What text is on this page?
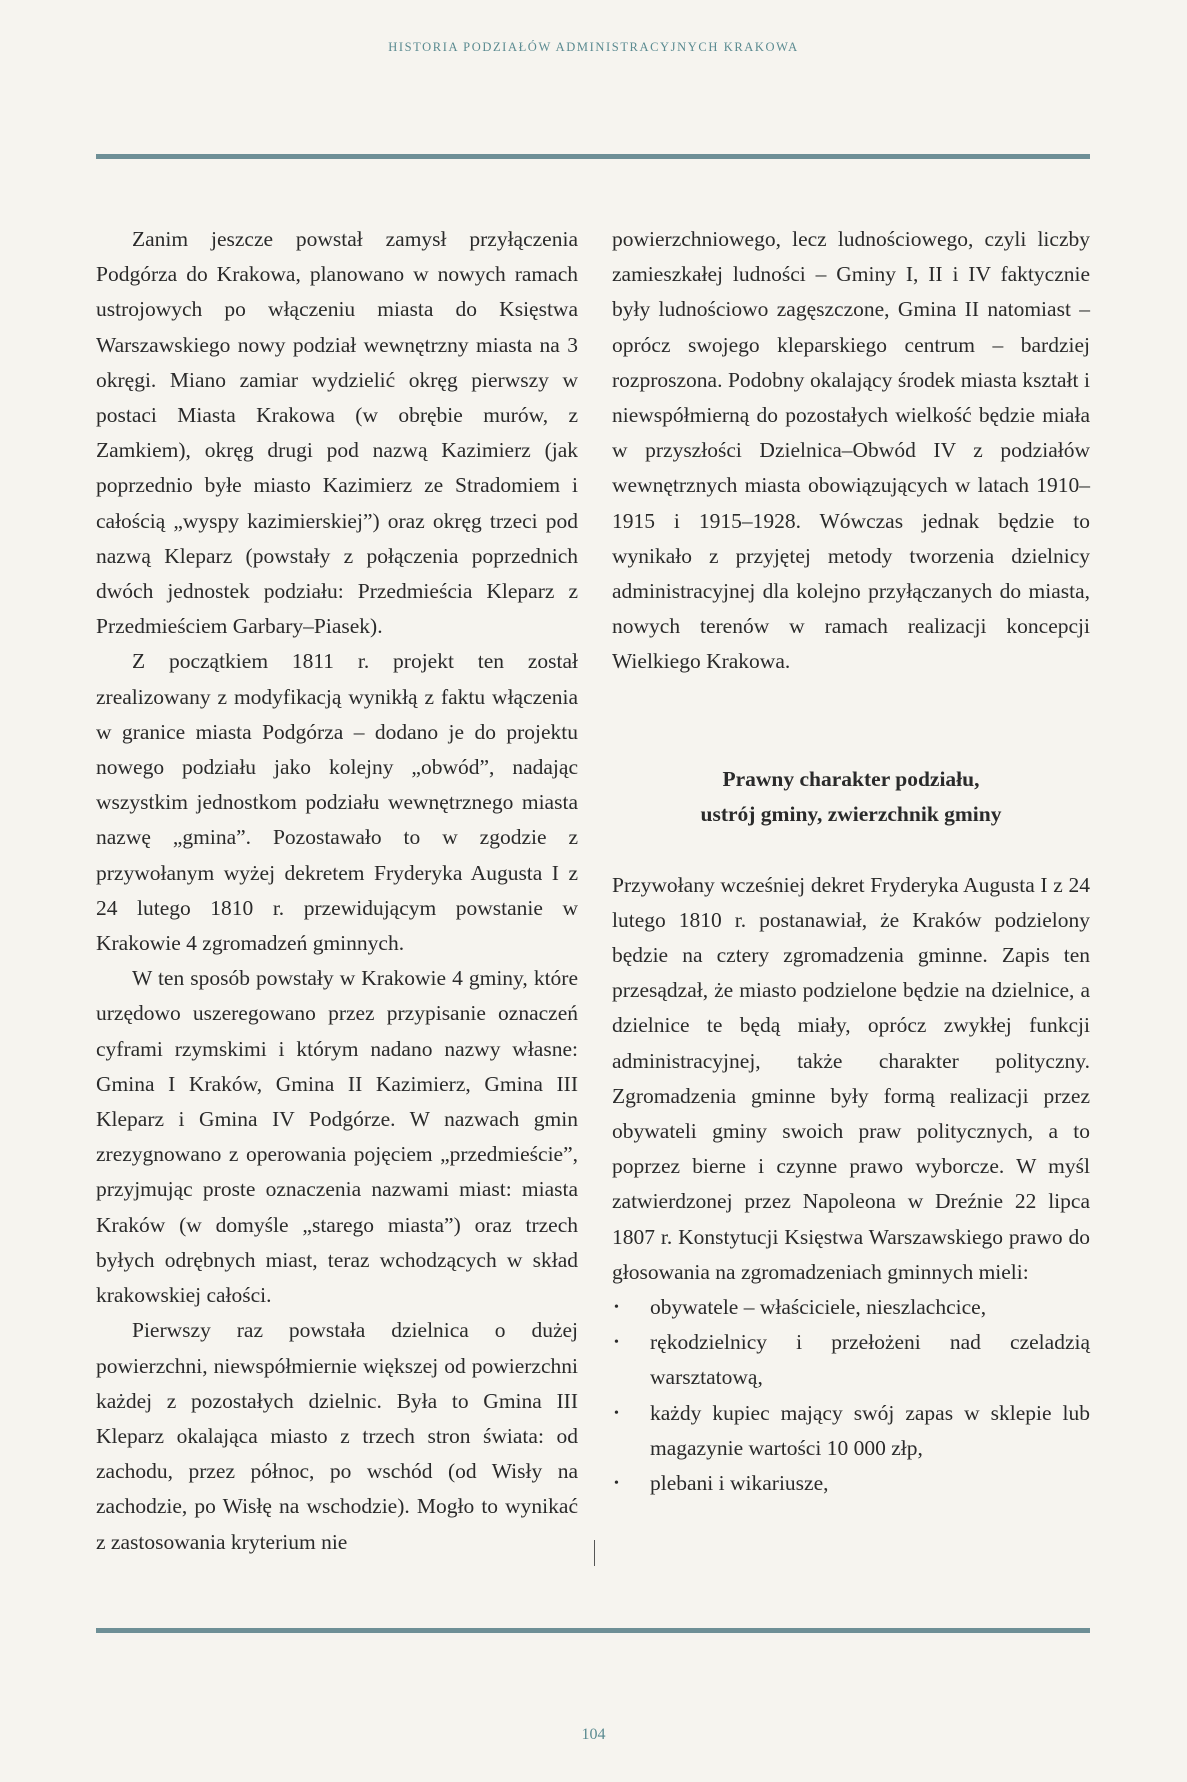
HISTORIA PODZIAŁÓW ADMINISTRACYJNYCH KRAKOWA

Zanim jeszcze powstał zamysł przyłączenia Podgórza do Krakowa, planowano w nowych ramach ustrojowych po włączeniu miasta do Księstwa Warszawskiego nowy podział wewnętrzny miasta na 3 okręgi. Miano zamiar wydzielić okręg pierwszy w postaci Miasta Krakowa (w obrębie murów, z Zamkiem), okręg drugi pod nazwą Kazimierz (jak poprzednio byłe miasto Kazimierz ze Stradomiem i całością „wyspy kazimierskiej”) oraz okręg trzeci pod nazwą Kleparz (powstały z połączenia poprzednich dwóch jednostek podziału: Przedmieścia Kleparz z Przedmieściem Garbary–Piasek).

Z początkiem 1811 r. projekt ten został zrealizowany z modyfikacją wynikłą z faktu włączenia w granice miasta Podgórza – dodano je do projektu nowego podziału jako kolejny „obwód”, nadając wszystkim jednostkom podziału wewnętrznego miasta nazwę „gmina”. Pozostawało to w zgodzie z przywołanym wyżej dekretem Fryderyka Augusta I z 24 lutego 1810 r. przewidującym powstanie w Krakowie 4 zgromadzeń gminnych.

W ten sposób powstały w Krakowie 4 gminy, które urzędowo uszeregowano przez przypisanie oznaczeń cyframi rzymskimi i którym nadano nazwy własne: Gmina I Kraków, Gmina II Kazimierz, Gmina III Kleparz i Gmina IV Podgórze. W nazwach gmin zrezygnowano z operowania pojęciem „przedmieście”, przyjmując proste oznaczenia nazwami miast: miasta Kraków (w domyśle „starego miasta”) oraz trzech byłych odrębnych miast, teraz wchodzących w skład krakowskiej całości.

Pierwszy raz powstała dzielnica o dużej powierzchni, niewspółmiernie większej od powierzchni każdej z pozostałych dzielnic. Była to Gmina III Kleparz okalająca miasto z trzech stron świata: od zachodu, przez północ, po wschód (od Wisły na zachodzie, po Wisłę na wschodzie). Mogło to wynikać z zastosowania kryterium nie

powierzchniowego, lecz ludnościowego, czyli liczby zamieszkałej ludności – Gminy I, II i IV faktycznie były ludnościowo zagęszczone, Gmina II natomiast – oprócz swojego kleparskiego centrum – bardziej rozproszona. Podobny okalający środek miasta kształt i niewspółmierną do pozostałych wielkość będzie miała w przyszłości Dzielnica–Obwód IV z podziałów wewnętrznych miasta obowiązujących w latach 1910–1915 i 1915–1928. Wówczas jednak będzie to wynikało z przyjętej metody tworzenia dzielnicy administracyjnej dla kolejno przyłączanych do miasta, nowych terenów w ramach realizacji koncepcji Wielkiego Krakowa.

Prawny charakter podziału,
ustrój gminy, zwierzchnik gminy

Przywołany wcześniej dekret Fryderyka Augusta I z 24 lutego 1810 r. postanawiał, że Kraków podzielony będzie na cztery zgromadzenia gminne. Zapis ten przesądzał, że miasto podzielone będzie na dzielnice, a dzielnice te będą miały, oprócz zwykłej funkcji administracyjnej, także charakter polityczny. Zgromadzenia gminne były formą realizacji przez obywateli gminy swoich praw politycznych, a to poprzez bierne i czynne prawo wyborcze. W myśl zatwierdzonej przez Napoleona w Dreźnie 22 lipca 1807 r. Konstytucji Księstwa Warszawskiego prawo do głosowania na zgromadzeniach gminnych mieli:

• obywatele – właściciele, nieszlachcice,
• rękodzielnicy i przełożeni nad czeladzią warsztatową,
• każdy kupiec mający swój zapas w sklepie lub magazynie wartości 10 000 złp,
• plebani i wikariusze,
104
